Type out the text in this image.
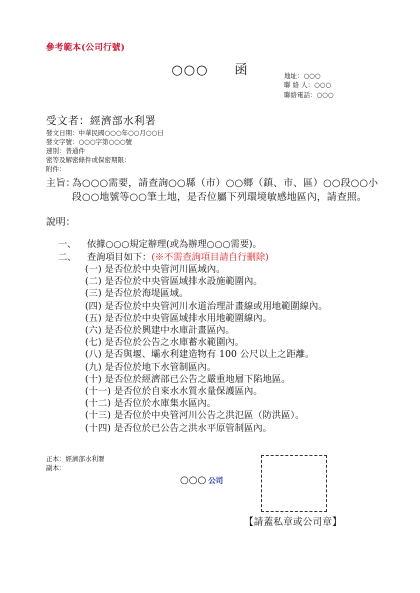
參考範本(公司行號)
○○○ 函	地址：○○○
聯 絡 人：○○○
聯絡電話：○○○
受文者：經濟部水利署
發文日期：中華民國○○○年○○月○○日
發文字號：○○○字第○○○號
速別：普通件
密等及解密條件或保密期限：
附件：
主旨：
為○○○需要，請查詢○○縣（市）○○鄉（鎮、市、區）○○段○○小段○○地號等○○筆土地，是否位屬下列環境敏感地區內，請查照。
說明：
一、 依據○○○規定辦理(或為辦理○○○需要)。
二、 查詢項目如下：(※不需查詢項目請自行刪除)
(一) 是否位於中央管河川區域內。
(二) 是否位於中央管區域排水設施範圍內。
(三) 是否位於海堤區域。
(四) 是否位於中央管河川水道治理計畫線或用地範圍線內。
(五) 是否位於中央管區域排水用地範圍線內。
(六) 是否位於興建中水庫計畫區內。
(七) 是否位於公告之水庫蓄水範圍內。
(八) 是否與堰、壩水利建造物有 100 公尺以上之距離。
(九) 是否位於地下水管制區內。
(十) 是否位於經濟部已公告之嚴重地層下陷地區。
(十一) 是否位於自來水水質水量保護區內。
(十二) 是否位於水庫集水區內。
(十三) 是否位於中央管河川公告之洪氾區（防洪區）。
(十四) 是否位於已公告之洪水平原管制區內。
正本：經濟部水利署
副本：
○○○ 公司
【請蓋私章或公司章】
